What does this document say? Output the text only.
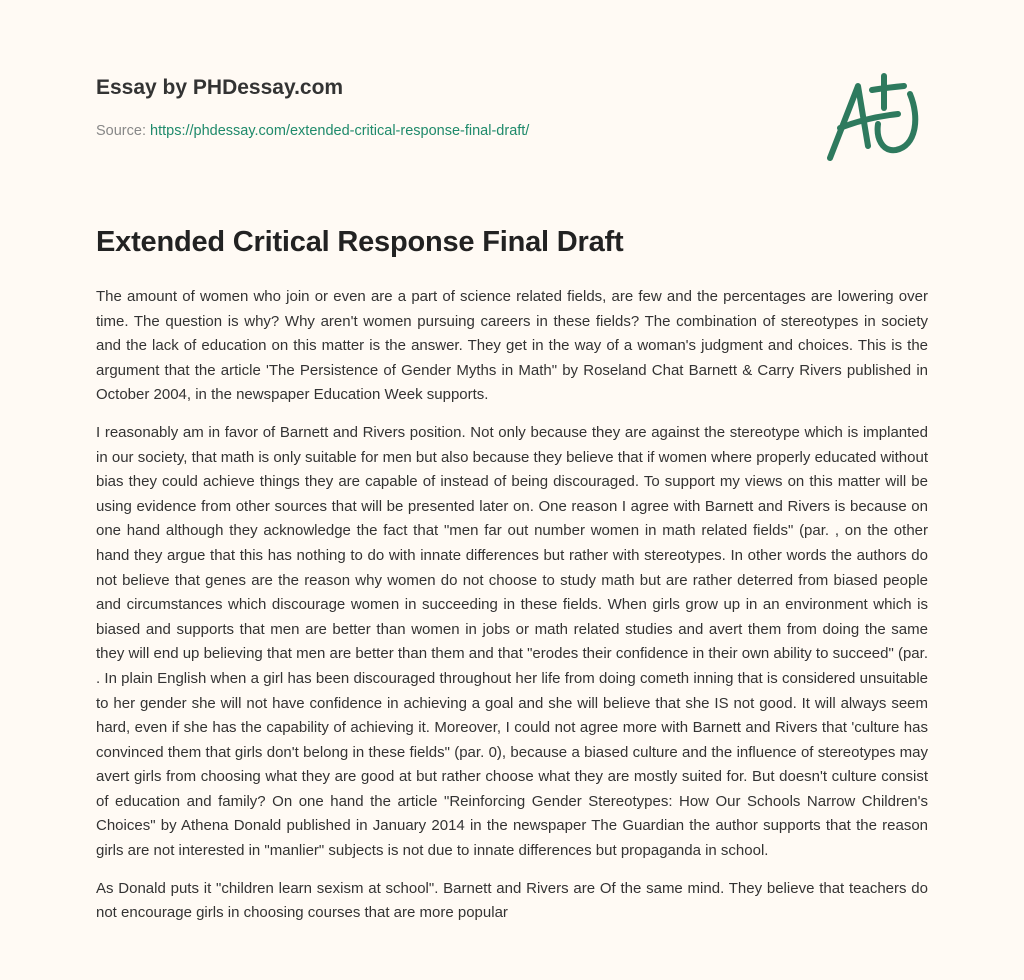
Essay by PHDessay.com
Source: https://phdessay.com/extended-critical-response-final-draft/
Extended Critical Response Final Draft

The amount of women who join or even are a part of science related fields, are few and the percentages are lowering over time. The question is why? Why aren't women pursuing careers in these fields? The combination of stereotypes in society and the lack of education on this matter is the answer. They get in the way of a woman's judgment and choices. This is the argument that the article 'The Persistence of Gender Myths in Math" by Roseland Chat Barnett & Carry Rivers published in October 2004, in the newspaper Education Week supports.

I reasonably am in favor of Barnett and Rivers position. Not only because they are against the stereotype which is implanted in our society, that math is only suitable for men but also because they believe that if women where properly educated without bias they could achieve things they are capable of instead of being discouraged. To support my views on this matter will be using evidence from other sources that will be presented later on. One reason I agree with Barnett and Rivers is because on one hand although they acknowledge the fact that "men far out number women in math related fields" (par. , on the other hand they argue that this has nothing to do with innate differences but rather with stereotypes. In other words the authors do not believe that genes are the reason why women do not choose to study math but are rather deterred from biased people and circumstances which discourage women in succeeding in these fields. When girls grow up in an environment which is biased and supports that men are better than women in jobs or math related studies and avert them from doing the same they will end up believing that men are better than them and that "erodes their confidence in their own ability to succeed" (par. . In plain English when a girl has been discouraged throughout her life from doing cometh inning that is considered unsuitable to her gender she will not have confidence in achieving a goal and she will believe that she IS not good. It will always seem hard, even if she has the capability of achieving it. Moreover, I could not agree more with Barnett and Rivers that 'culture has convinced them that girls don't belong in these fields" (par. 0), because a biased culture and the influence of stereotypes may avert girls from choosing what they are good at but rather choose what they are mostly suited for. But doesn't culture consist of education and family? On one hand the article "Reinforcing Gender Stereotypes: How Our Schools Narrow Children's Choices" by Athena Donald published in January 2014 in the newspaper The Guardian the author supports that the reason girls are not interested in "manlier" subjects is not due to innate differences but propaganda in school.

As Donald puts it "children learn sexism at school". Barnett and Rivers are Of the same mind. They believe that teachers do not encourage girls in choosing courses that are more popular
